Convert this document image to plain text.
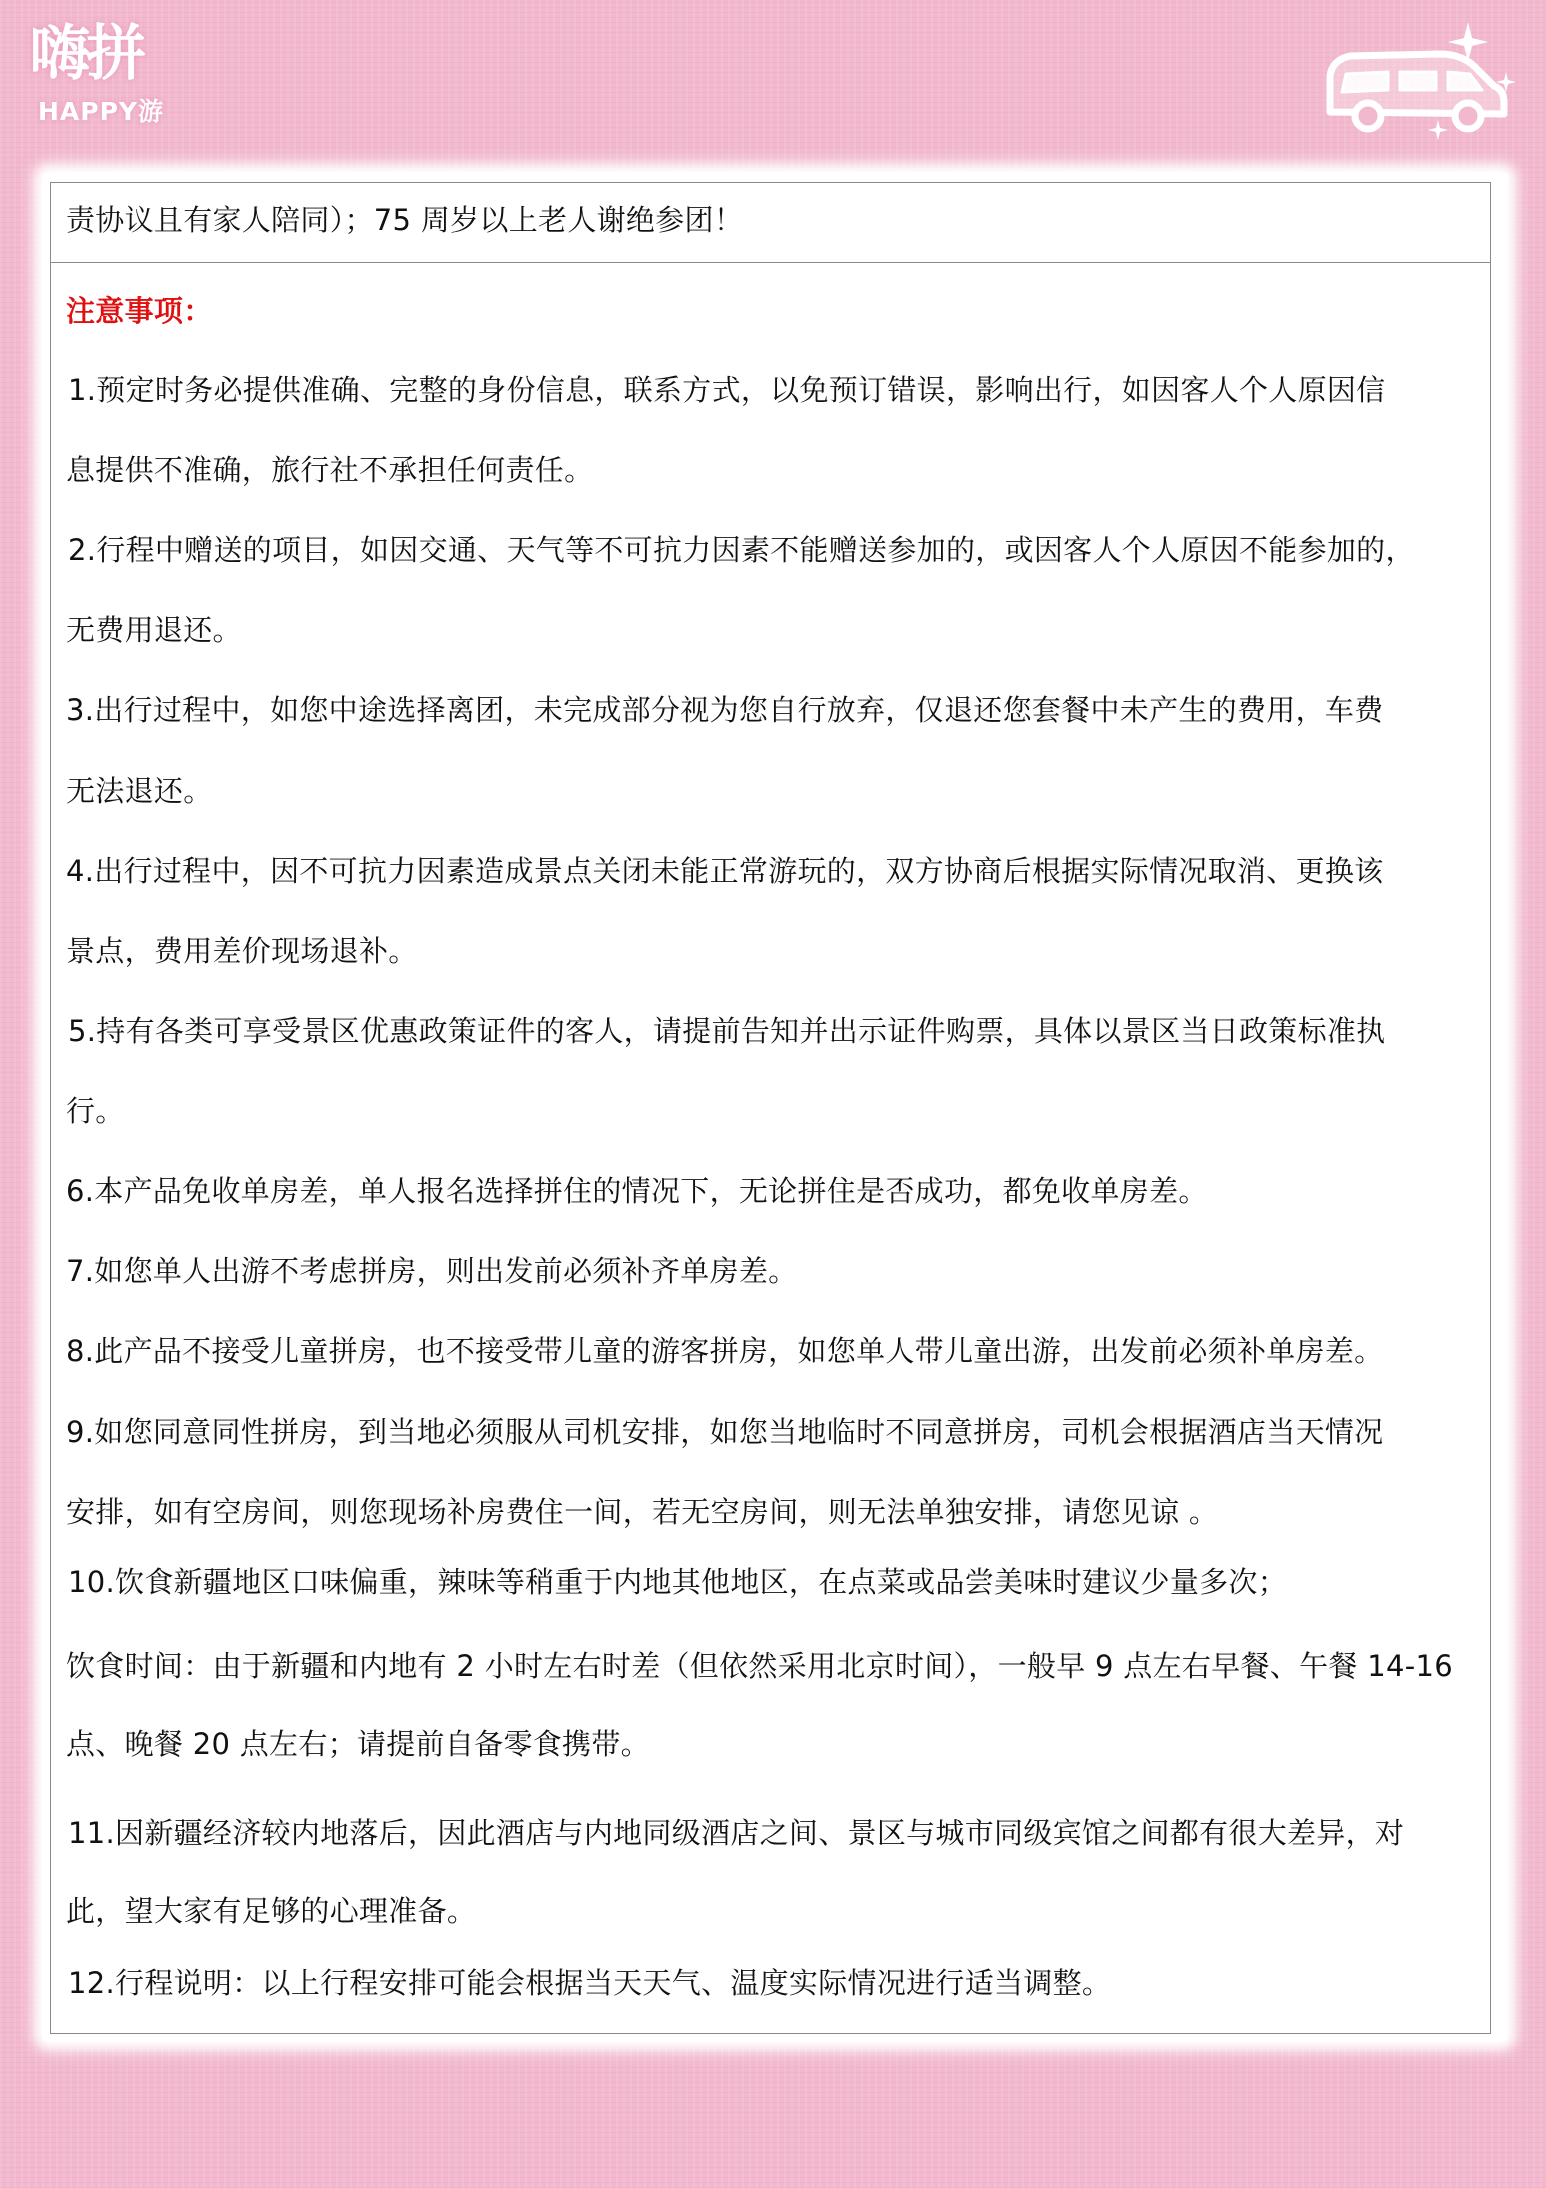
嗨拼
HAPPY游
责协议且有家人陪同）；75 周岁以上老人谢绝参团！
注意事项：
1.预定时务必提供准确、完整的身份信息，联系方式，以免预订错误，影响出行，如因客人个人原因信
息提供不准确，旅行社不承担任何责任。
2.行程中赠送的项目，如因交通、天气等不可抗力因素不能赠送参加的，或因客人个人原因不能参加的，
无费用退还。
3.出行过程中，如您中途选择离团，未完成部分视为您自行放弃，仅退还您套餐中未产生的费用，车费
无法退还。
4.出行过程中，因不可抗力因素造成景点关闭未能正常游玩的，双方协商后根据实际情况取消、更换该
景点，费用差价现场退补。
5.持有各类可享受景区优惠政策证件的客人，请提前告知并出示证件购票，具体以景区当日政策标准执
行。
6.本产品免收单房差，单人报名选择拼住的情况下，无论拼住是否成功，都免收单房差。
7.如您单人出游不考虑拼房，则出发前必须补齐单房差。
8.此产品不接受儿童拼房，也不接受带儿童的游客拼房，如您单人带儿童出游，出发前必须补单房差。
9.如您同意同性拼房，到当地必须服从司机安排，如您当地临时不同意拼房，司机会根据酒店当天情况
安排，如有空房间，则您现场补房费住一间，若无空房间，则无法单独安排，请您见谅 。
10.饮食新疆地区口味偏重，辣味等稍重于内地其他地区，在点菜或品尝美味时建议少量多次；
饮食时间：由于新疆和内地有 2 小时左右时差（但依然采用北京时间），一般早 9 点左右早餐、午餐 14-16
点、晚餐 20 点左右；请提前自备零食携带。
11.因新疆经济较内地落后，因此酒店与内地同级酒店之间、景区与城市同级宾馆之间都有很大差异，对
此，望大家有足够的心理准备。
12.行程说明：以上行程安排可能会根据当天天气、温度实际情况进行适当调整。
